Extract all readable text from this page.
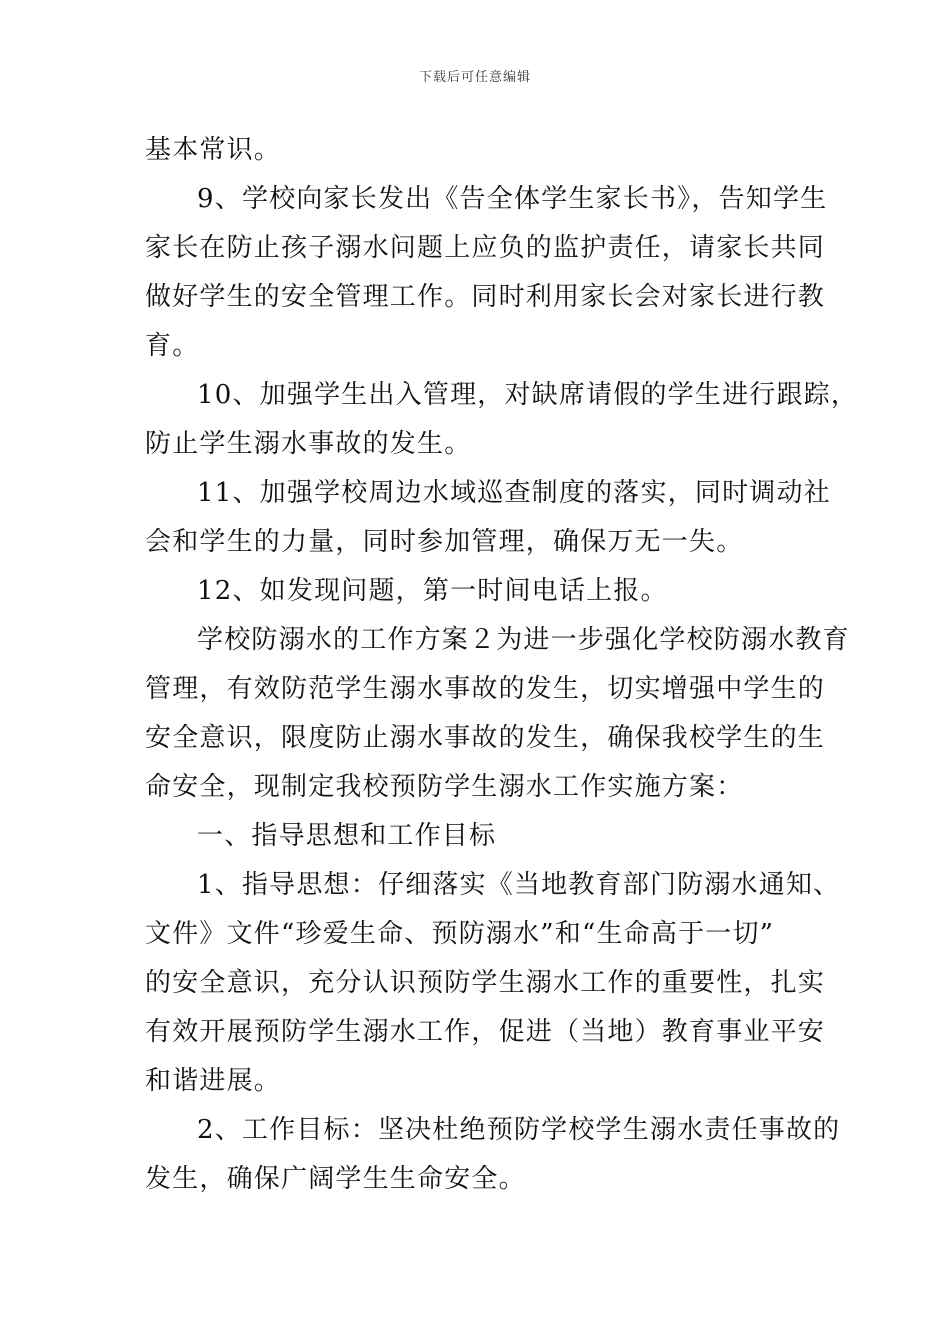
下载后可任意编辑
基本常识。
9、学校向家长发出《告全体学生家长书》，告知学生
家长在防止孩子溺水问题上应负的监护责任，请家长共同
做好学生的安全管理工作。同时利用家长会对家长进行教
育。
10、加强学生出入管理，对缺席请假的学生进行跟踪，
防止学生溺水事故的发生。
11、加强学校周边水域巡查制度的落实，同时调动社
会和学生的力量，同时参加管理，确保万无一失。
12、如发现问题，第一时间电话上报。
学校防溺水的工作方案２为进一步强化学校防溺水教育
管理，有效防范学生溺水事故的发生，切实增强中学生的
安全意识，限度防止溺水事故的发生，确保我校学生的生
命安全，现制定我校预防学生溺水工作实施方案：
一、指导思想和工作目标
1、指导思想：仔细落实《当地教育部门防溺水通知、
文件》文件“珍爱生命、预防溺水”和“生命高于一切”
的安全意识，充分认识预防学生溺水工作的重要性，扎实
有效开展预防学生溺水工作，促进（当地）教育事业平安
和谐进展。
2、工作目标：坚决杜绝预防学校学生溺水责任事故的
发生，确保广阔学生生命安全。
